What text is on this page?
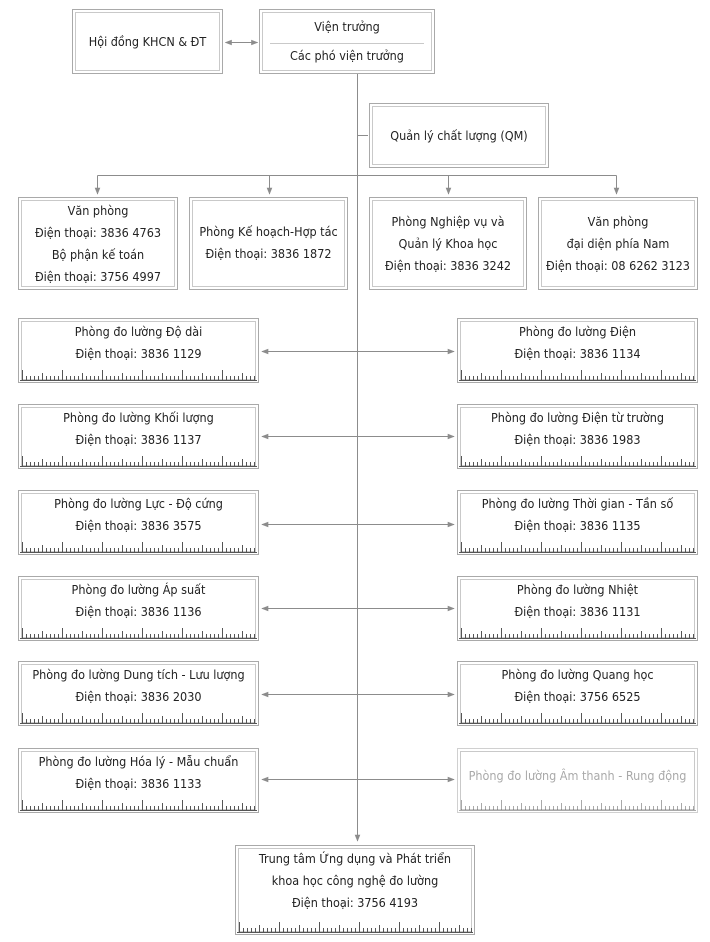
Hội đồng KHCN & ĐT
Viện trưởng
Các phó viện trưởng
Quản lý chất lượng (QM)
Văn phòng
Điện thoại: 3836 4763
Bộ phận kế toán
Điện thoại: 3756 4997
Phòng Kế hoạch-Hợp tác
Điện thoại: 3836 1872
Phòng Nghiệp vụ và
Quản lý Khoa học
Điện thoại: 3836 3242
Văn phòng
đại diện phía Nam
Điện thoại: 08 6262 3123
Phòng đo lường Độ dài
Điện thoại: 3836 1129
Phòng đo lường Khối lượng
Điện thoại: 3836 1137
Phòng đo lường Lực - Độ cứng
Điện thoại: 3836 3575
Phòng đo lường Áp suất
Điện thoại: 3836 1136
Phòng đo lường Dung tích - Lưu lượng
Điện thoại: 3836 2030
Phòng đo lường Hóa lý - Mẫu chuẩn
Điện thoại: 3836 1133
Phòng đo lường Điện
Điện thoại: 3836 1134
Phòng đo lường Điện từ trường
Điện thoại: 3836 1983
Phòng đo lường Thời gian - Tần số
Điện thoại: 3836 1135
Phòng đo lường Nhiệt
Điện thoại: 3836 1131
Phòng đo lường Quang học
Điện thoại: 3756 6525
Phòng đo lường Âm thanh - Rung động
Trung tâm Ứng dụng và Phát triển
khoa học công nghệ đo lường
Điện thoại: 3756 4193
